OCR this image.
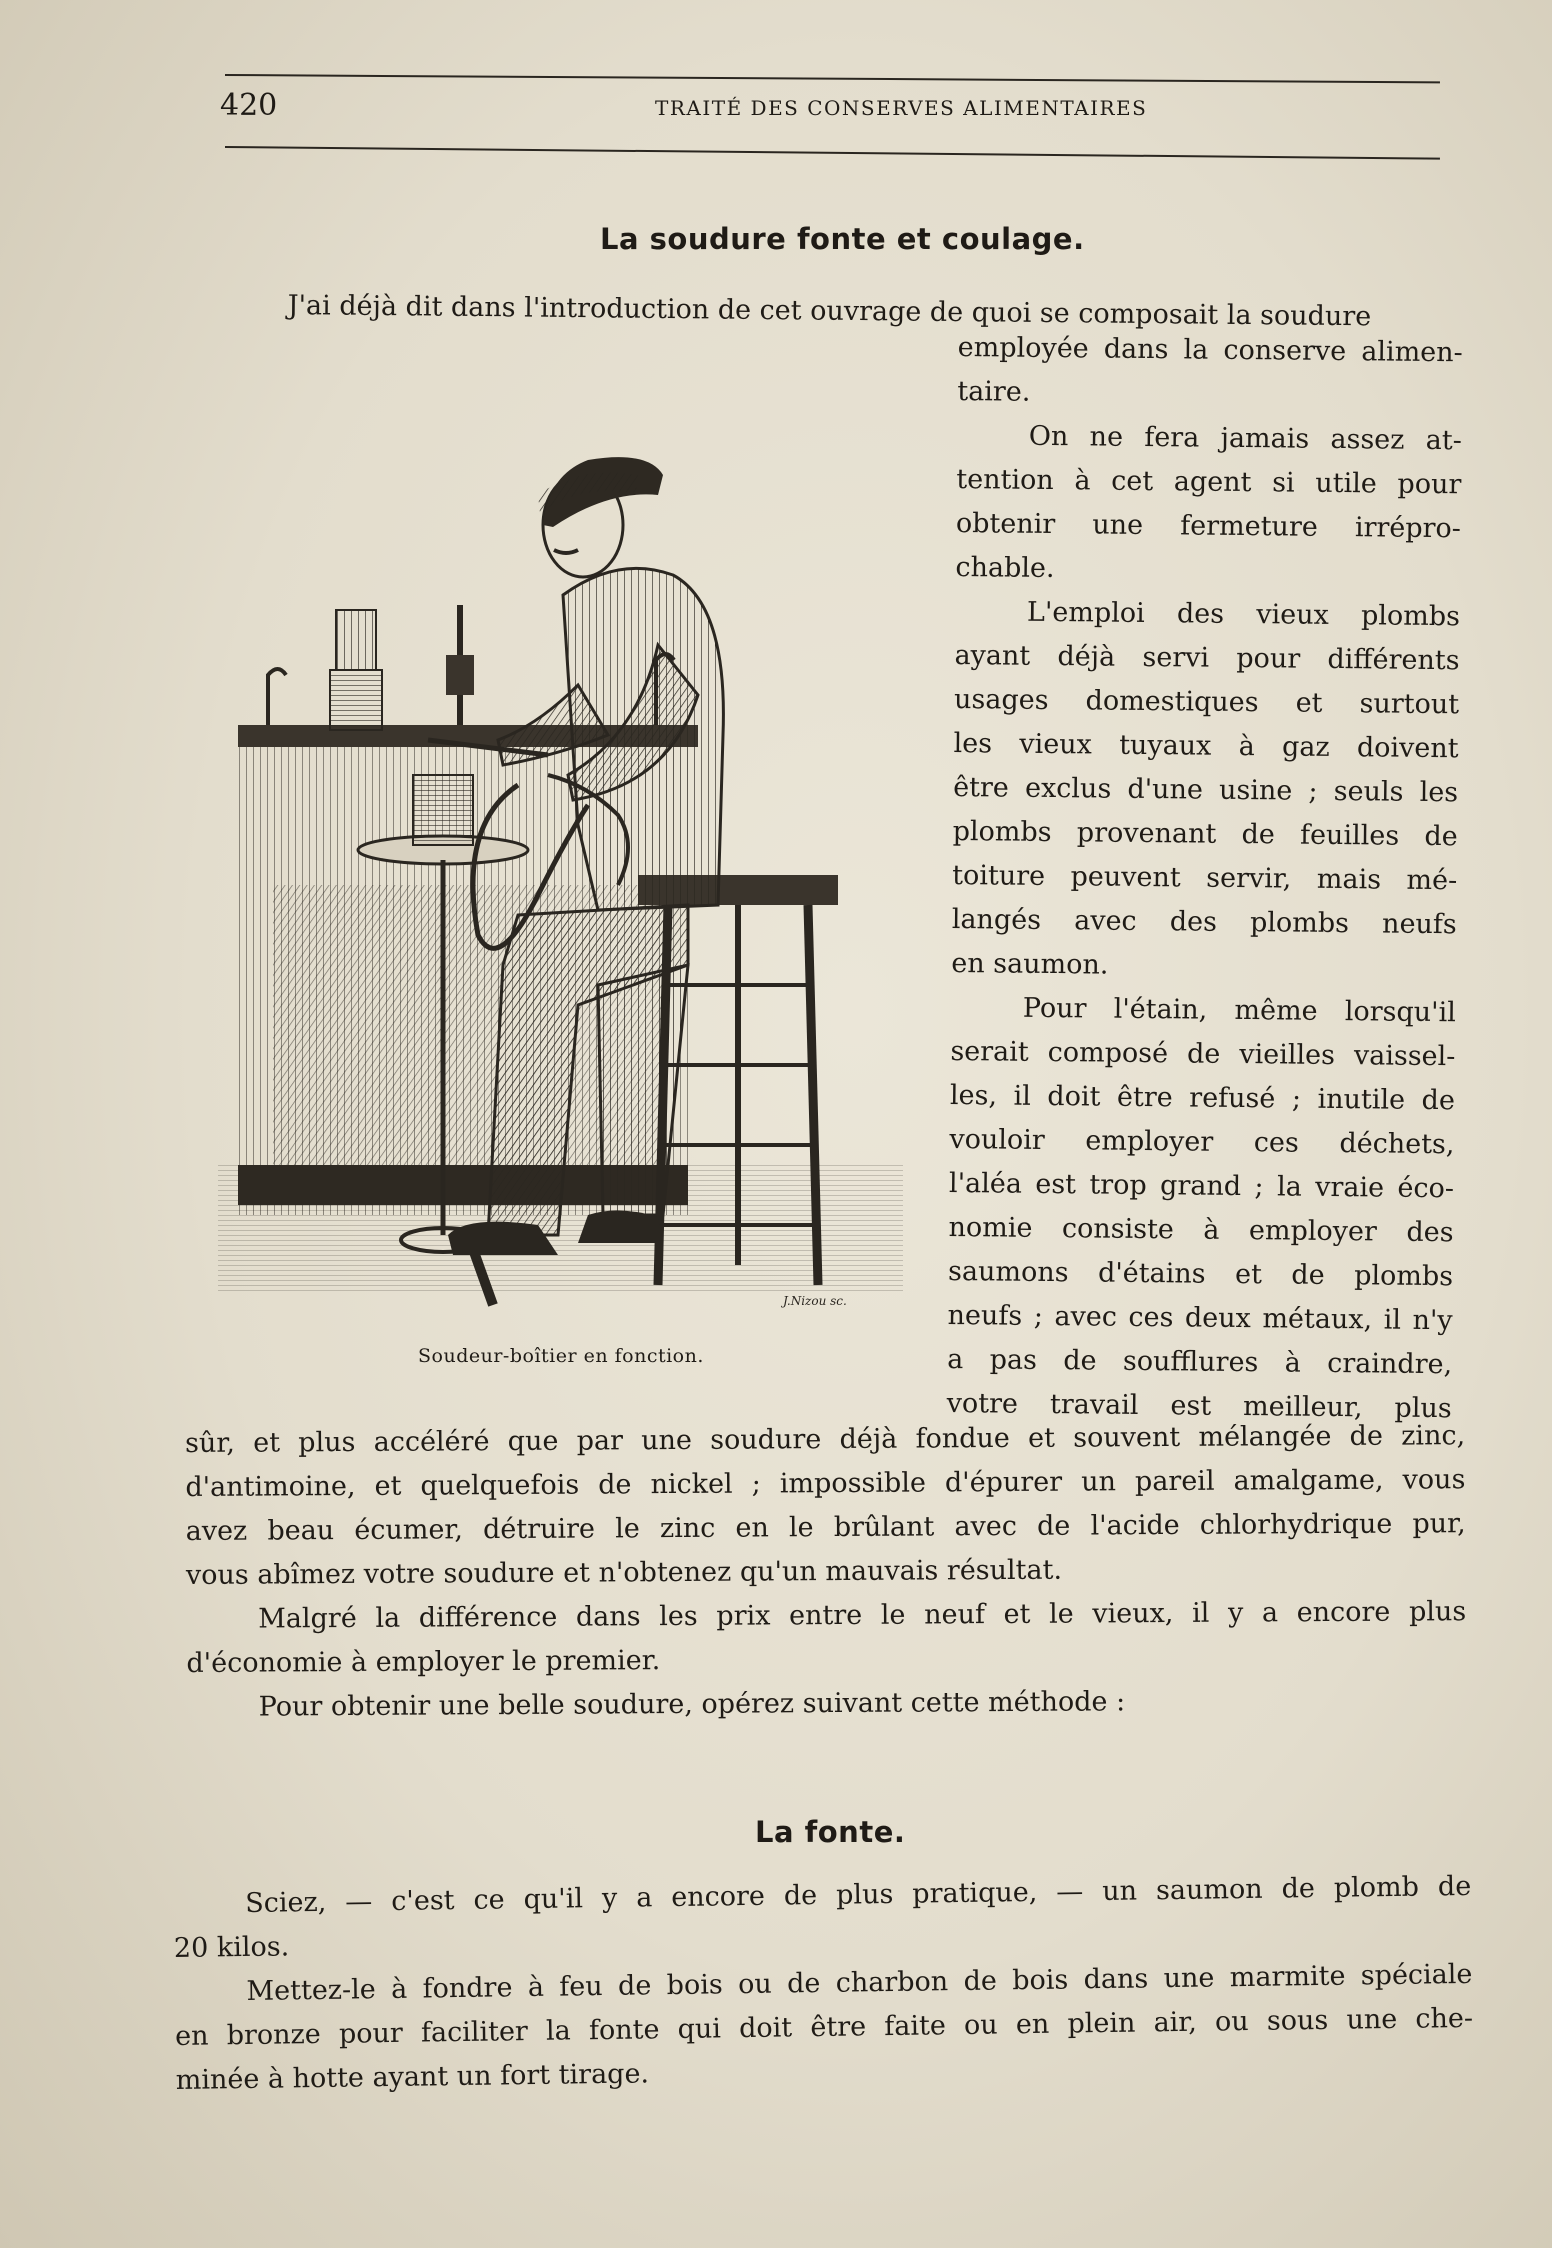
420	TRAITÉ DES CONSERVES ALIMENTAIRES
La soudure fonte et coulage.
J'ai déjà dit dans l'introduction de cet ouvrage de quoi se composait la soudure
employée dans la conserve alimen-
taire.
On ne fera jamais assez at-
tention à cet agent si utile pour
obtenir une fermeture irrépro-
chable.
L'emploi des vieux plombs
ayant déjà servi pour différents
usages domestiques et surtout
les vieux tuyaux à gaz doivent
être exclus d'une usine ; seuls les
plombs provenant de feuilles de
toiture peuvent servir, mais mé-
langés avec des plombs neufs
en saumon.
Pour l'étain, même lorsqu'il
serait composé de vieilles vaissel-
les, il doit être refusé ; inutile de
vouloir employer ces déchets,
l'aléa est trop grand ; la vraie éco-
nomie consiste à employer des
saumons d'étains et de plombs
neufs ; avec ces deux métaux, il n'y
a pas de soufflures à craindre,
votre travail est meilleur, plus
J.Nizou sc.
Soudeur-boîtier en fonction.
sûr, et plus accéléré que par une soudure déjà fondue et souvent mélangée de zinc,
d'antimoine, et quelquefois de nickel ; impossible d'épurer un pareil amalgame, vous
avez beau écumer, détruire le zinc en le brûlant avec de l'acide chlorhydrique pur,
vous abîmez votre soudure et n'obtenez qu'un mauvais résultat.
Malgré la différence dans les prix entre le neuf et le vieux, il y a encore plus
d'économie à employer le premier.
Pour obtenir une belle soudure, opérez suivant cette méthode :
La fonte.
Sciez, — c'est ce qu'il y a encore de plus pratique, — un saumon de plomb de
20 kilos.
Mettez-le à fondre à feu de bois ou de charbon de bois dans une marmite spéciale
en bronze pour faciliter la fonte qui doit être faite ou en plein air, ou sous une che-
minée à hotte ayant un fort tirage.
